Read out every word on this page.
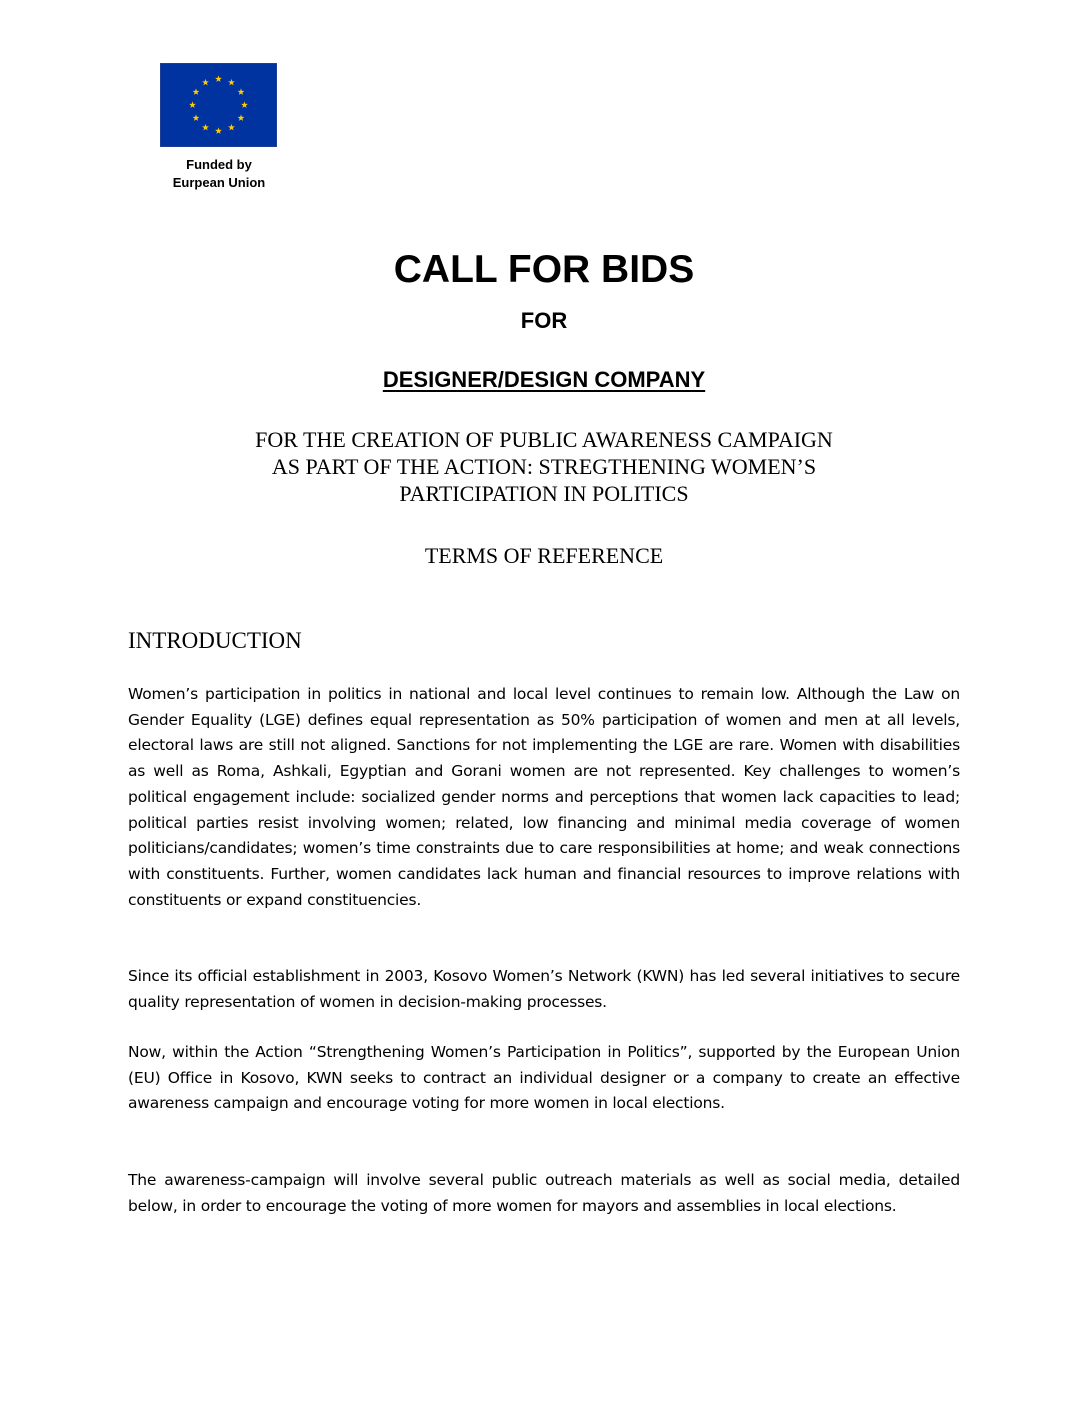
Funded by
Eurpean Union
CALL FOR BIDS
FOR
DESIGNER/DESIGN COMPANY
FOR THE CREATION OF PUBLIC AWARENESS CAMPAIGN
AS PART OF THE ACTION: STREGTHENING WOMEN’S
PARTICIPATION IN POLITICS
TERMS OF REFERENCE
INTRODUCTION

Women’s participation in politics in national and local level continues to remain low. Although the Law on Gender Equality (LGE) defines equal representation as 50% participation of women and men at all levels, electoral laws are still not aligned. Sanctions for not implementing the LGE are rare. Women with disabilities as well as Roma, Ashkali, Egyptian and Gorani women are not represented. Key challenges to women’s political engagement include: socialized gender norms and perceptions that women lack capacities to lead; political parties resist involving women; related, low financing and minimal media coverage of women politicians/candidates; women’s time constraints due to care responsibilities at home; and weak connections with constituents. Further, women candidates lack human and financial resources to improve relations with constituents or expand constituencies.

Since its official establishment in 2003, Kosovo Women’s Network (KWN) has led several initiatives to secure quality representation of women in decision-making processes.

Now, within the Action “Strengthening Women’s Participation in Politics”, supported by the European Union (EU) Office in Kosovo, KWN seeks to contract an individual designer or a company to create an effective awareness campaign and encourage voting for more women in local elections.

The awareness-campaign will involve several public outreach materials as well as social media, detailed below, in order to encourage the voting of more women for mayors and assemblies in local elections.
